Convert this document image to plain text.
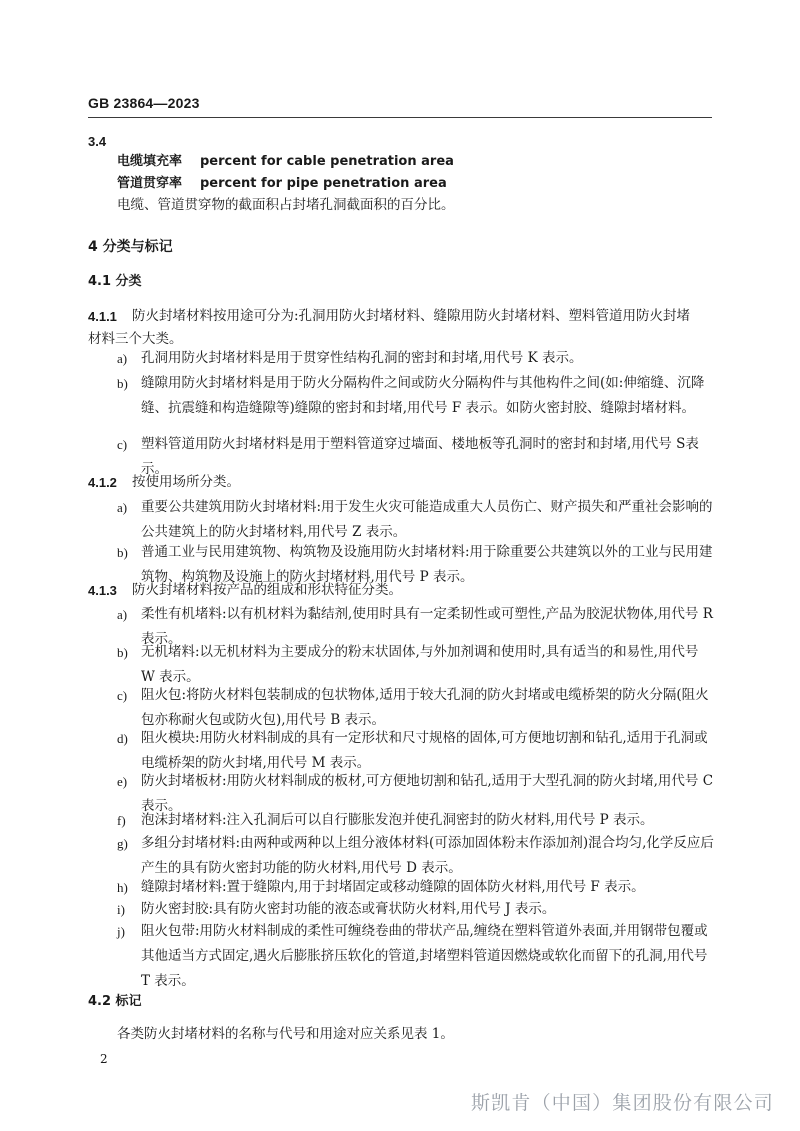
GB 23864—2023
3.4
电缆填充率 percent for cable penetration area
管道贯穿率 percent for pipe penetration area
电缆、管道贯穿物的截面积占封堵孔洞截面积的百分比。
4 分类与标记
4.1 分类
4.1.1 防火封堵材料按用途可分为:孔洞用防火封堵材料、缝隙用防火封堵材料、塑料管道用防火封堵
材料三个大类。
a) 孔洞用防火封堵材料是用于贯穿性结构孔洞的密封和封堵,用代号 K 表示。
b) 缝隙用防火封堵材料是用于防火分隔构件之间或防火分隔构件与其他构件之间(如:伸缩缝、沉降缝、抗震缝和构造缝隙等)缝隙的密封和封堵,用代号 F 表示。如防火密封胶、缝隙封堵材料。
c) 塑料管道用防火封堵材料是用于塑料管道穿过墙面、楼地板等孔洞时的密封和封堵,用代号 S表示。
4.1.2 按使用场所分类。
a) 重要公共建筑用防火封堵材料:用于发生火灾可能造成重大人员伤亡、财产损失和严重社会影响的公共建筑上的防火封堵材料,用代号 Z 表示。
b) 普通工业与民用建筑物、构筑物及设施用防火封堵材料:用于除重要公共建筑以外的工业与民用建筑物、构筑物及设施上的防火封堵材料,用代号 P 表示。
4.1.3 防火封堵材料按产品的组成和形状特征分类。
a) 柔性有机堵料:以有机材料为黏结剂,使用时具有一定柔韧性或可塑性,产品为胶泥状物体,用代号 R 表示。
b) 无机堵料:以无机材料为主要成分的粉末状固体,与外加剂调和使用时,具有适当的和易性,用代号 W 表示。
c) 阻火包:将防火材料包装制成的包状物体,适用于较大孔洞的防火封堵或电缆桥架的防火分隔(阻火包亦称耐火包或防火包),用代号 B 表示。
d) 阻火模块:用防火材料制成的具有一定形状和尺寸规格的固体,可方便地切割和钻孔,适用于孔洞或电缆桥架的防火封堵,用代号 M 表示。
e) 防火封堵板材:用防火材料制成的板材,可方便地切割和钻孔,适用于大型孔洞的防火封堵,用代号 C 表示。
f) 泡沫封堵材料:注入孔洞后可以自行膨胀发泡并使孔洞密封的防火材料,用代号 P 表示。
g) 多组分封堵材料:由两种或两种以上组分液体材料(可添加固体粉末作添加剂)混合均匀,化学反应后产生的具有防火密封功能的防火材料,用代号 D 表示。
h) 缝隙封堵材料:置于缝隙内,用于封堵固定或移动缝隙的固体防火材料,用代号 F 表示。
i) 防火密封胶:具有防火密封功能的液态或膏状防火材料,用代号 J 表示。
j) 阻火包带:用防火材料制成的柔性可缠绕卷曲的带状产品,缠绕在塑料管道外表面,并用钢带包覆或其他适当方式固定,遇火后膨胀挤压软化的管道,封堵塑料管道因燃烧或软化而留下的孔洞,用代号 T 表示。
4.2 标记
各类防火封堵材料的名称与代号和用途对应关系见表 1。
2
斯凯肯（中国）集团股份有限公司
